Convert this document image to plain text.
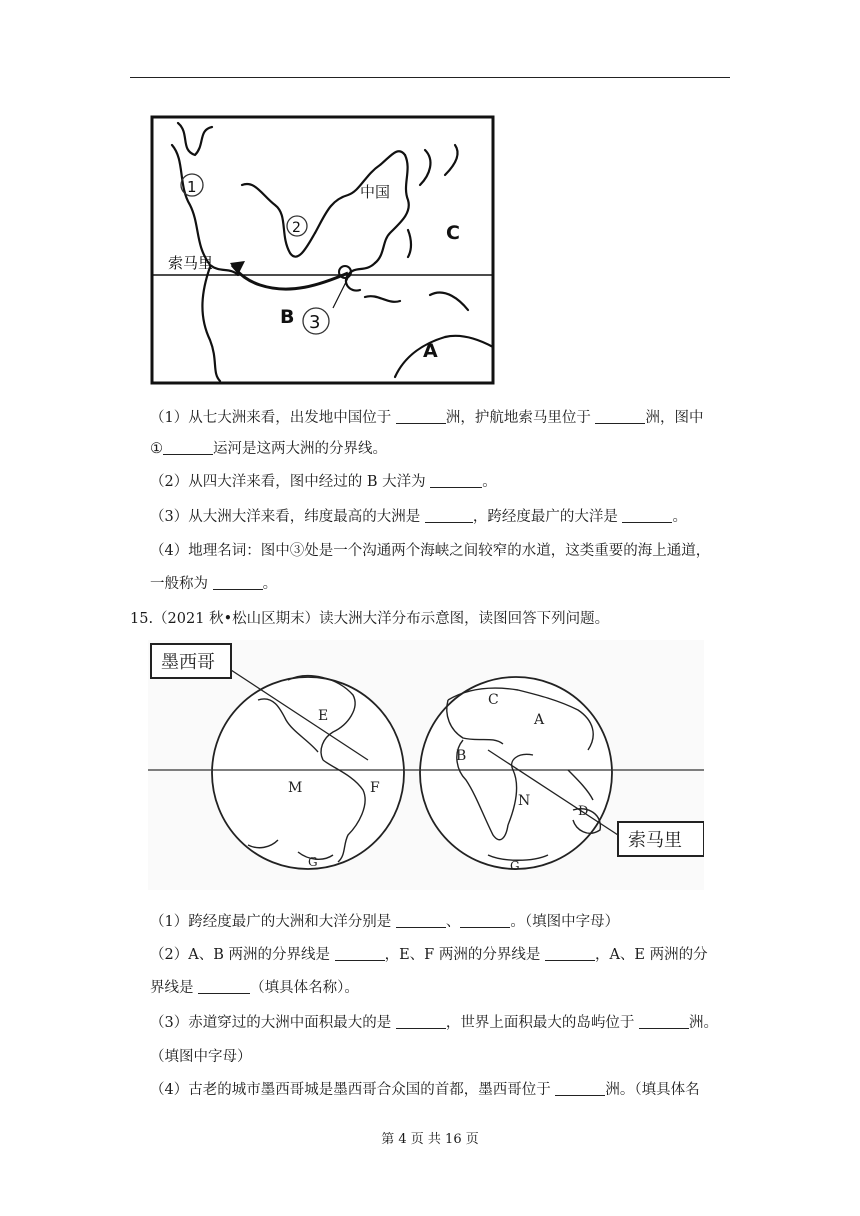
1
2
3
中国
索马里
C
B
A
（1）从七大洲来看，出发地中国位于	洲，护航地索马里位于	洲，图中
①	运河是这两大洲的分界线。
（2）从四大洋来看，图中经过的 B 大洋为	。
（3）从大洲大洋来看，纬度最高的大洲是	，跨经度最广的大洋是	。
（4）地理名词：图中③处是一个沟通两个海峡之间较窄的水道，这类重要的海上通道，
一般称为	。
15.（2021 秋•松山区期末）读大洲大洋分布示意图，读图回答下列问题。
墨西哥
索马里
E
M	F
G
C
A
B
N
D
G
（1）跨经度最广的大洲和大洋分别是	、	。（填图中字母）
（2）A、B 两洲的分界线是	，E、F 两洲的分界线是	，A、E 两洲的分
界线是	（填具体名称）。
（3）赤道穿过的大洲中面积最大的是	，世界上面积最大的岛屿位于	洲。
（填图中字母）
（4）古老的城市墨西哥城是墨西哥合众国的首都，墨西哥位于	洲。（填具体名
第 4 页 共 16 页
